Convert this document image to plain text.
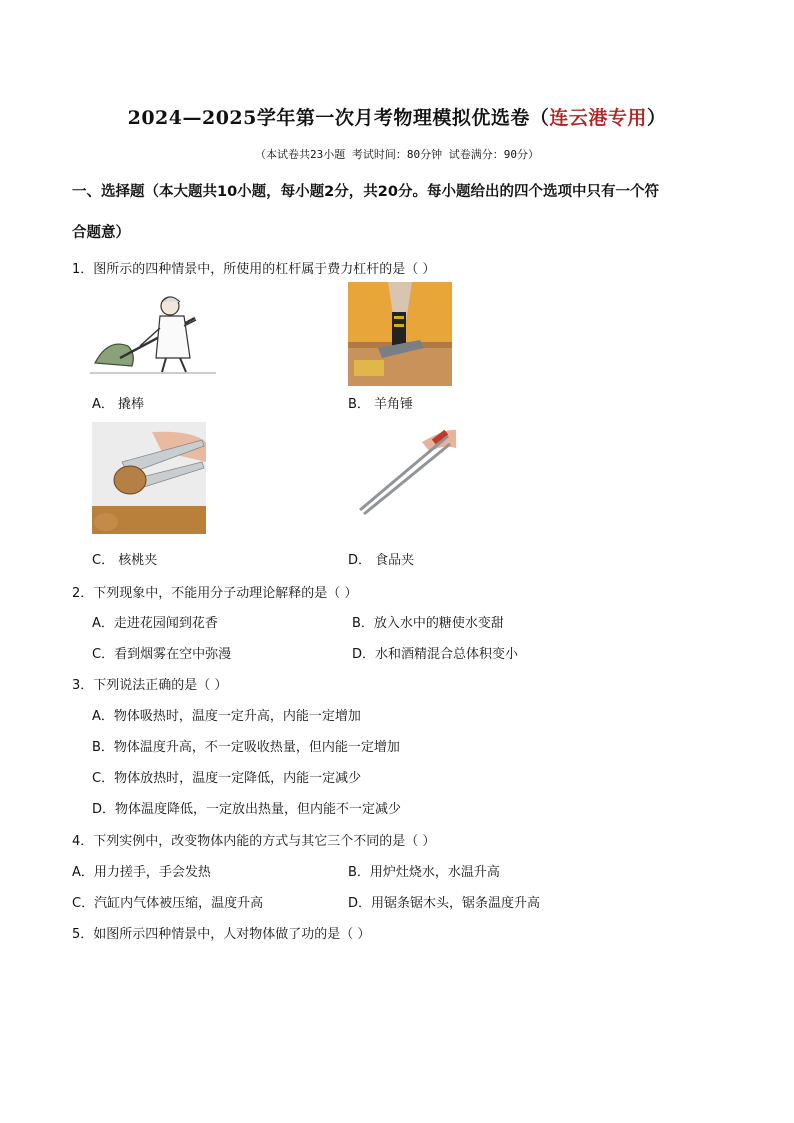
2024—2025学年第一次月考物理模拟优选卷（连云港专用）
（本试卷共23小题 考试时间：80分钟 试卷满分：90分）
一、选择题（本大题共10小题，每小题2分，共20分。每小题给出的四个选项中只有一个符
合题意）
1．图所示的四种情景中，所使用的杠杆属于费力杠杆的是（ ）
A． 撬棒	B． 羊角锤
C． 核桃夹	D． 食品夹
2．下列现象中，不能用分子动理论解释的是（ ）
A．走进花园闻到花香	B．放入水中的糖使水变甜
C．看到烟雾在空中弥漫	D．水和酒精混合总体积变小
3．下列说法正确的是（ ）
A．物体吸热时，温度一定升高，内能一定增加
B．物体温度升高，不一定吸收热量，但内能一定增加
C．物体放热时，温度一定降低，内能一定减少
D．物体温度降低，一定放出热量，但内能不一定减少
4．下列实例中，改变物体内能的方式与其它三个不同的是（ ）
A．用力搓手，手会发热	B．用炉灶烧水，水温升高
C．汽缸内气体被压缩，温度升高	D．用锯条锯木头，锯条温度升高
5．如图所示四种情景中，人对物体做了功的是（ ）
